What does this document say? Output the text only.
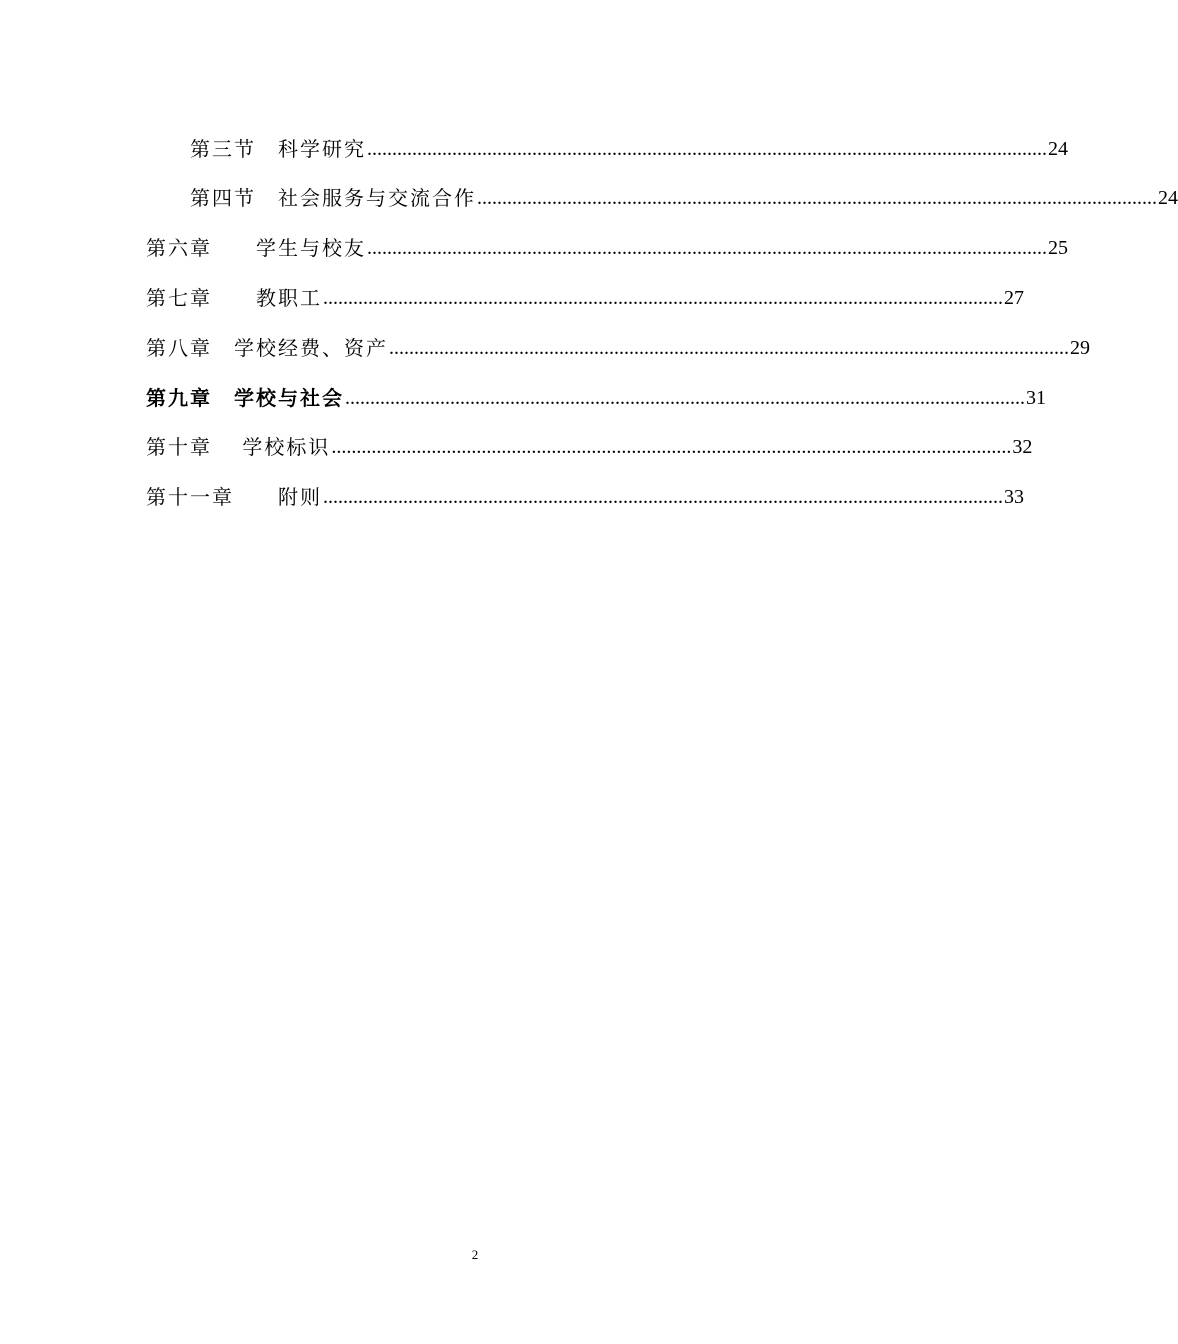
第三节　科学研究 ........................................................................................................................................ 24
第四节　社会服务与交流合作 ........................................................................................................................................ 24
第六章　　学生与校友 ........................................................................................................................................ 25
第七章　　教职工 ........................................................................................................................................ 27
第八章　学校经费、资产 ........................................................................................................................................ 29
第九章　学校与社会 ........................................................................................................................................ 31
第十章　 学校标识 ........................................................................................................................................ 32
第十一章　　附则 ........................................................................................................................................ 33
2
